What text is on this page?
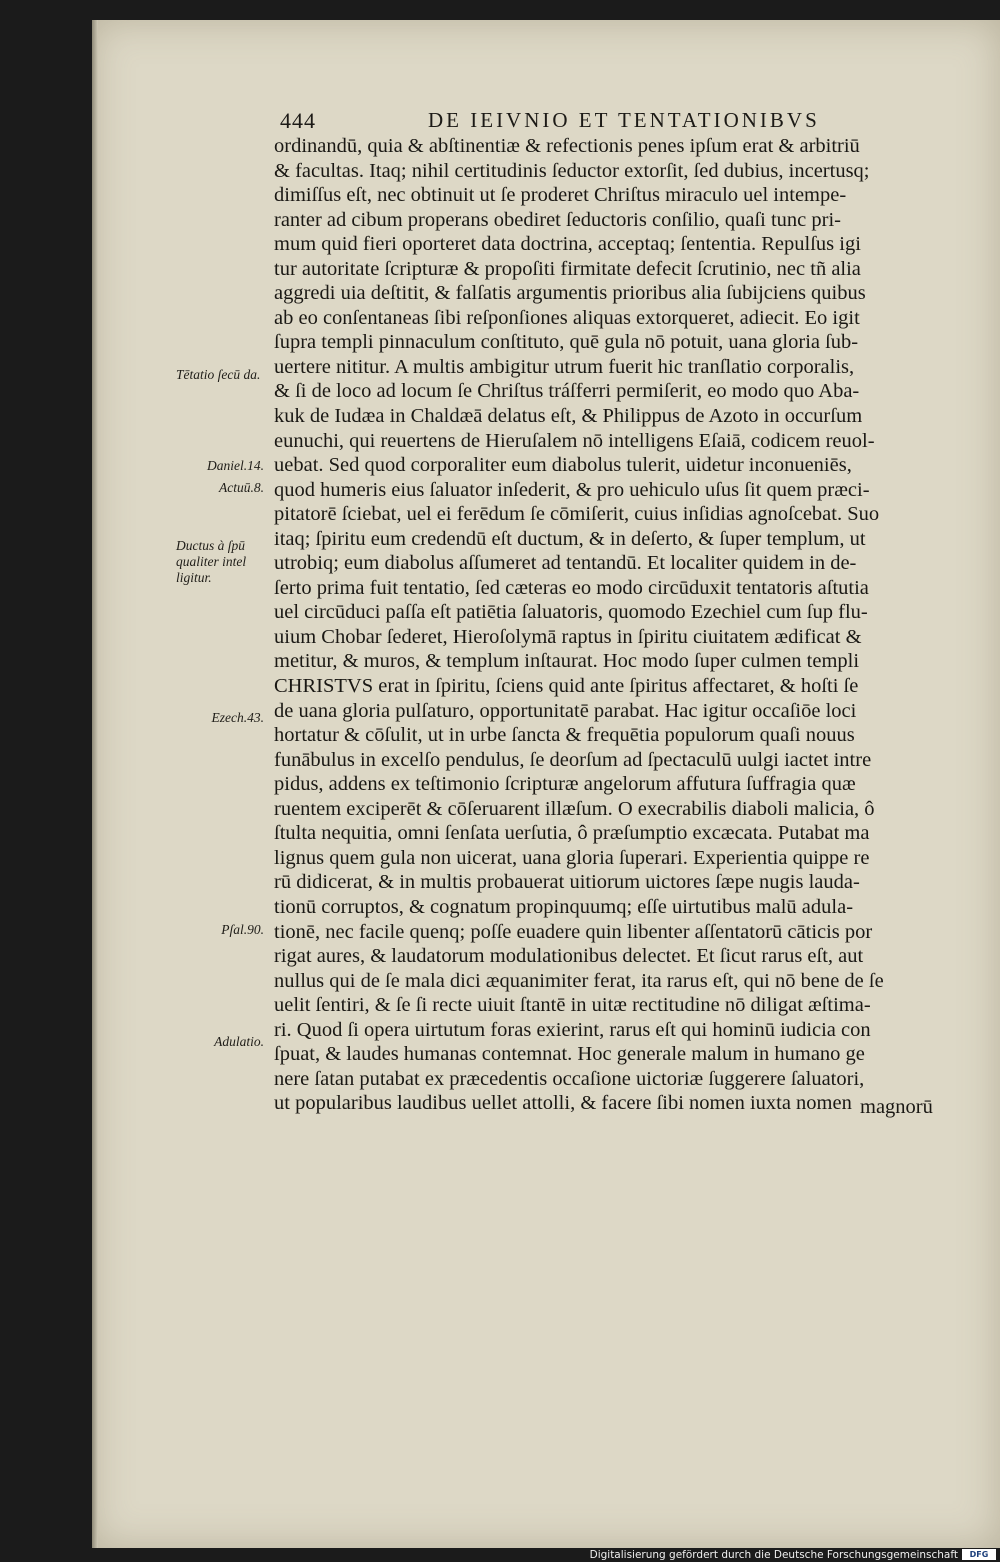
444	DE IEIVNIO ET TENTATIONIBVS
ordinandū, quia & abſtinentiæ & refectionis penes ipſum erat & arbitriū
& facultas. Itaq; nihil certitudinis ſeductor extorſit, ſed dubius, incertusq;
dimiſſus eſt, nec obtinuit ut ſe proderet Chriſtus miraculo uel intempe-
ranter ad cibum properans obediret ſeductoris conſilio, quaſi tunc pri-
mum quid fieri oporteret data doctrina, acceptaq; ſententia. Repulſus igi
tur autoritate ſcripturæ & propoſiti firmitate defecit ſcrutinio, nec tñ alia
aggredi uia deſtitit, & falſatis argumentis prioribus alia ſubijciens quibus
ab eo conſentaneas ſibi reſponſiones aliquas extorqueret, adiecit. Eo igit
ſupra templi pinnaculum conſtituto, quē gula nō potuit, uana gloria ſub-
uertere nititur. A multis ambigitur utrum fuerit hic tranſlatio corporalis,
& ſi de loco ad locum ſe Chriſtus tráſferri permiſerit, eo modo quo Aba-
kuk de Iudæa in Chaldæā delatus eſt, & Philippus de Azoto in occurſum
eunuchi, qui reuertens de Hieruſalem nō intelligens Eſaiā, codicem reuol-
uebat. Sed quod corporaliter eum diabolus tulerit, uidetur inconueniēs,
quod humeris eius ſaluator inſederit, & pro uehiculo uſus ſit quem præci-
pitatorē ſciebat, uel ei ferēdum ſe cōmiſerit, cuius inſidias agnoſcebat. Suo
itaq; ſpiritu eum credendū eſt ductum, & in deſerto, & ſuper templum, ut
utrobiq; eum diabolus aſſumeret ad tentandū. Et localiter quidem in de-
ſerto prima fuit tentatio, ſed cæteras eo modo circūduxit tentatoris aſtutia
uel circūduci paſſa eſt patiētia ſaluatoris, quomodo Ezechiel cum ſup flu-
uium Chobar ſederet, Hieroſolymā raptus in ſpiritu ciuitatem ædificat &
metitur, & muros, & templum inſtaurat. Hoc modo ſuper culmen templi
CHRISTVS erat in ſpiritu, ſciens quid ante ſpiritus affectaret, & hoſti ſe
de uana gloria pulſaturo, opportunitatē parabat. Hac igitur occaſiōe loci
hortatur & cōſulit, ut in urbe ſancta & frequētia populorum quaſi nouus
funābulus in excelſo pendulus, ſe deorſum ad ſpectaculū uulgi iactet intre
pidus, addens ex teſtimonio ſcripturæ angelorum affutura ſuffragia quæ
ruentem exciperēt & cōſeruarent illæſum. O execrabilis diaboli malicia, ô
ſtulta nequitia, omni ſenſata uerſutia, ô præſumptio excæcata. Putabat ma
lignus quem gula non uicerat, uana gloria ſuperari. Experientia quippe re
rū didicerat, & in multis probauerat uitiorum uictores ſæpe nugis lauda-
tionū corruptos, & cognatum propinquumq; eſſe uirtutibus malū adula-
tionē, nec facile quenq; poſſe euadere quin libenter aſſentatorū cāticis por
rigat aures, & laudatorum modulationibus delectet. Et ſicut rarus eſt, aut
nullus qui de ſe mala dici æquanimiter ferat, ita rarus eſt, qui nō bene de ſe
uelit ſentiri, & ſe ſi recte uiuit ſtantē in uitæ rectitudine nō diligat æſtima-
ri. Quod ſi opera uirtutum foras exierint, rarus eſt qui hominū iudicia con
ſpuat, & laudes humanas contemnat. Hoc generale malum in humano ge
nere ſatan putabat ex præcedentis occaſione uictoriæ ſuggerere ſaluatori,
ut popularibus laudibus uellet attolli, & facere ſibi nomen iuxta nomen magnorū
Tētatio ſecū da.
Daniel.14.
Actuū.8.
Ductus à ſpū qualiter intel ligitur.
Ezech.43.
Pſal.90.
Adulatio.
Digitalisierung gefördert durch die Deutsche Forschungsgemeinschaft	DFG
